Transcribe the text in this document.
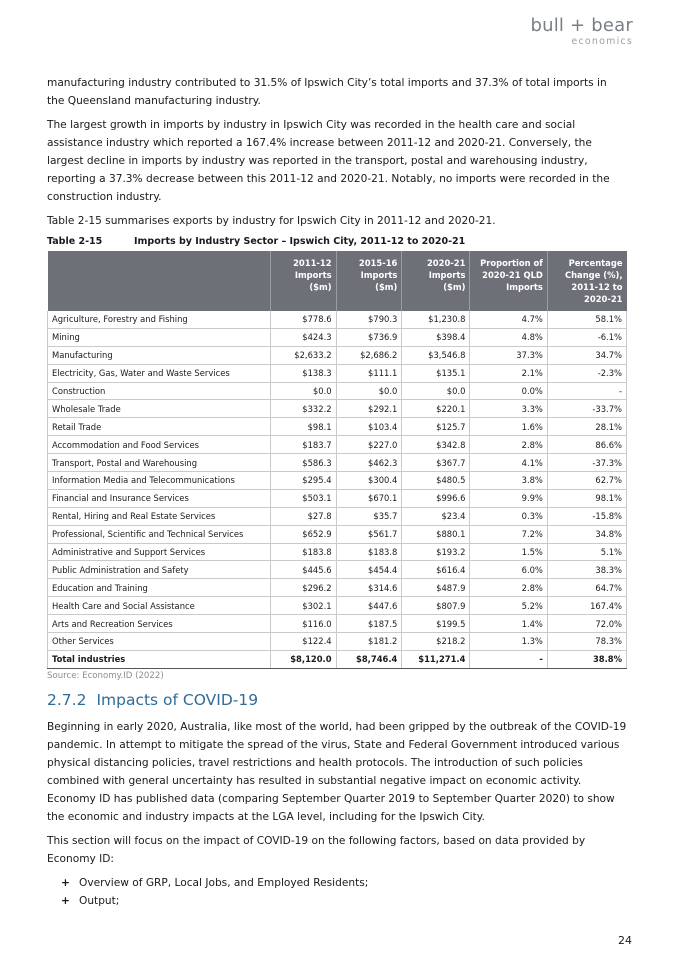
bull + bear
economics

manufacturing industry contributed to 31.5% of Ipswich City’s total imports and 37.3% of total imports in the Queensland manufacturing industry.

The largest growth in imports by industry in Ipswich City was recorded in the health care and social assistance industry which reported a 167.4% increase between 2011-12 and 2020-21. Conversely, the largest decline in imports by industry was reported in the transport, postal and warehousing industry, reporting a 37.3% decrease between this 2011-12 and 2020-21. Notably, no imports were recorded in the construction industry.

Table 2-15 summarises exports by industry for Ipswich City in 2011-12 and 2020-21.

Table 2-15	Imports by Industry Sector – Ipswich City, 2011-12 to 2020-21
	2011-12 Imports ($m)	2015-16 Imports ($m)	2020-21 Imports ($m)	Proportion of 2020-21 QLD Imports	Percentage Change (%), 2011-12 to 2020-21
Agriculture, Forestry and Fishing	$778.6	$790.3	$1,230.8	4.7%	58.1%
Mining	$424.3	$736.9	$398.4	4.8%	-6.1%
Manufacturing	$2,633.2	$2,686.2	$3,546.8	37.3%	34.7%
Electricity, Gas, Water and Waste Services	$138.3	$111.1	$135.1	2.1%	-2.3%
Construction	$0.0	$0.0	$0.0	0.0%	-
Wholesale Trade	$332.2	$292.1	$220.1	3.3%	-33.7%
Retail Trade	$98.1	$103.4	$125.7	1.6%	28.1%
Accommodation and Food Services	$183.7	$227.0	$342.8	2.8%	86.6%
Transport, Postal and Warehousing	$586.3	$462.3	$367.7	4.1%	-37.3%
Information Media and Telecommunications	$295.4	$300.4	$480.5	3.8%	62.7%
Financial and Insurance Services	$503.1	$670.1	$996.6	9.9%	98.1%
Rental, Hiring and Real Estate Services	$27.8	$35.7	$23.4	0.3%	-15.8%
Professional, Scientific and Technical Services	$652.9	$561.7	$880.1	7.2%	34.8%
Administrative and Support Services	$183.8	$183.8	$193.2	1.5%	5.1%
Public Administration and Safety	$445.6	$454.4	$616.4	6.0%	38.3%
Education and Training	$296.2	$314.6	$487.9	2.8%	64.7%
Health Care and Social Assistance	$302.1	$447.6	$807.9	5.2%	167.4%
Arts and Recreation Services	$116.0	$187.5	$199.5	1.4%	72.0%
Other Services	$122.4	$181.2	$218.2	1.3%	78.3%
Total industries	$8,120.0	$8,746.4	$11,271.4	-	38.8%
Source: Economy.ID (2022)
2.7.2 Impacts of COVID-19

Beginning in early 2020, Australia, like most of the world, had been gripped by the outbreak of the COVID-19 pandemic. In attempt to mitigate the spread of the virus, State and Federal Government introduced various physical distancing policies, travel restrictions and health protocols. The introduction of such policies combined with general uncertainty has resulted in substantial negative impact on economic activity. Economy ID has published data (comparing September Quarter 2019 to September Quarter 2020) to show the economic and industry impacts at the LGA level, including for the Ipswich City.

This section will focus on the impact of COVID-19 on the following factors, based on data provided by Economy ID:

+ Overview of GRP, Local Jobs, and Employed Residents;
+ Output;
24
